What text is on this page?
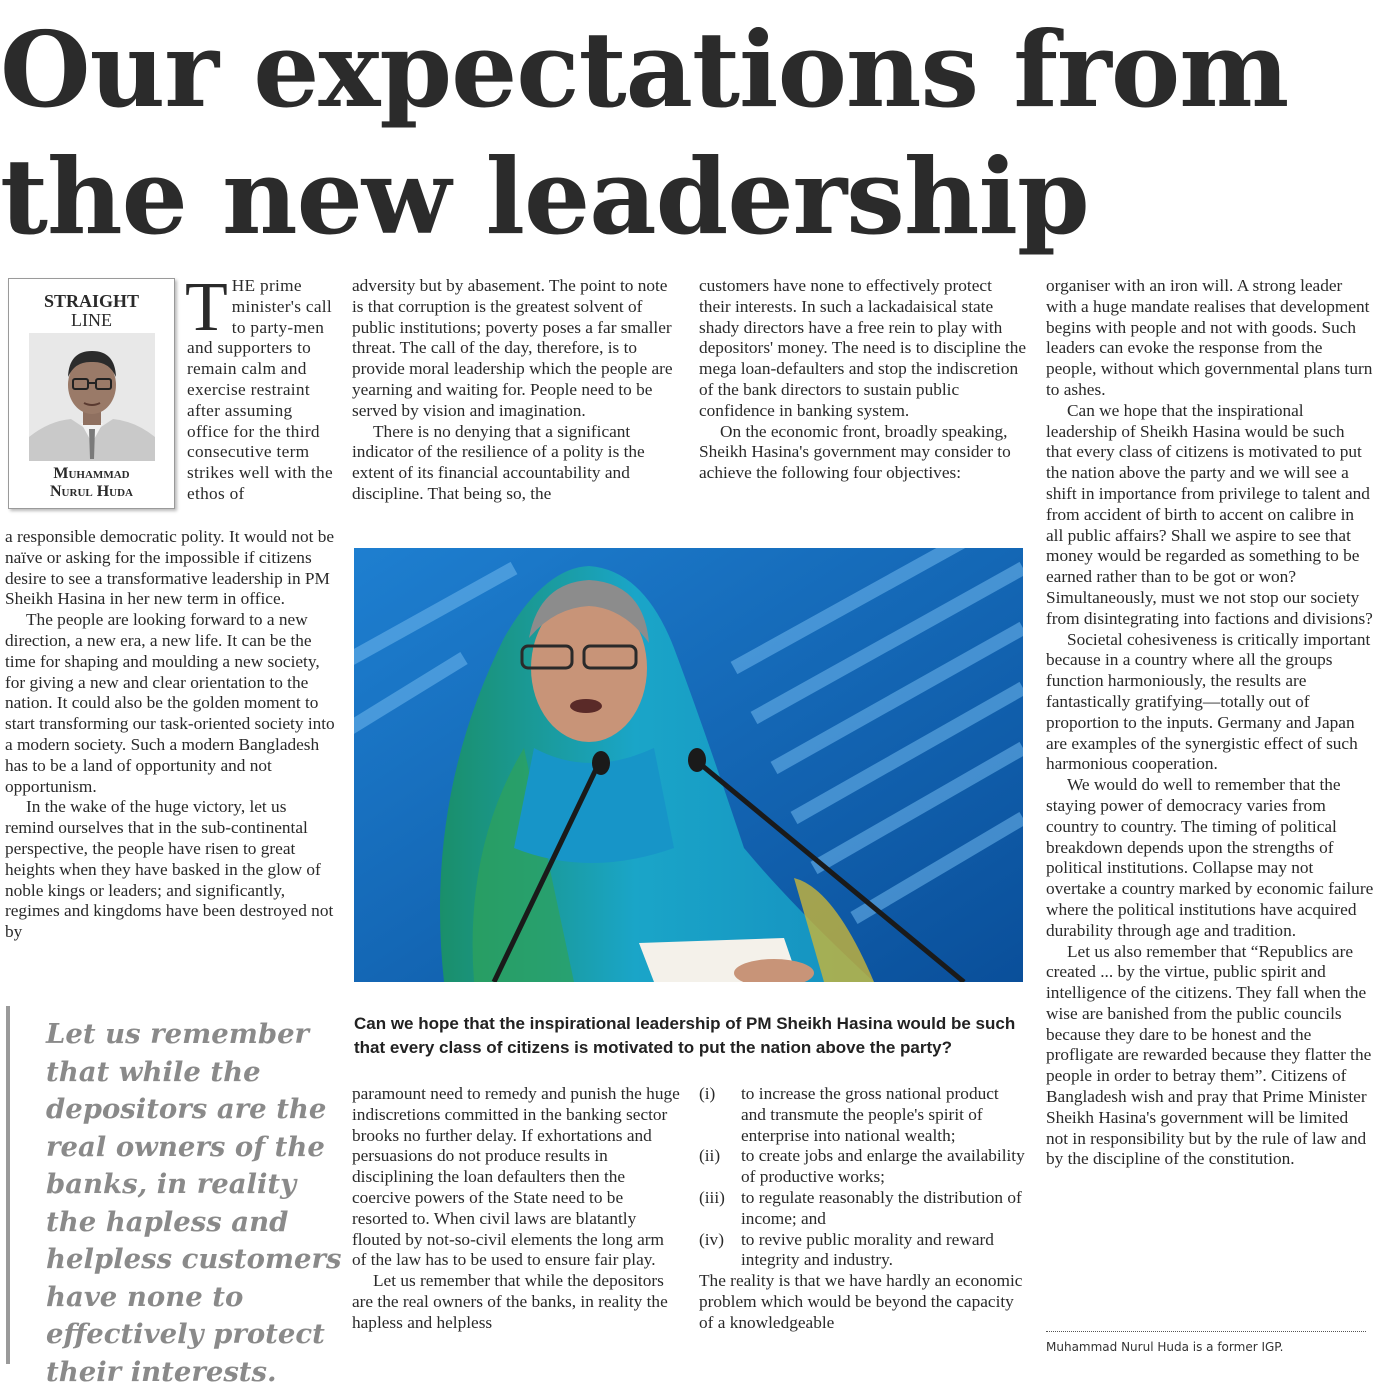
Our expectations from
the new leadership
STRAIGHT
LINE
Muhammad
Nurul Huda
THE prime minister's call to party-men and supporters to remain calm and exercise restraint after assuming office for the third consecutive term strikes well with the ethos of

a responsible democratic polity. It would not be naïve or asking for the impossible if citizens desire to see a transformative leadership in PM Sheikh Hasina in her new term in office.

The people are looking forward to a new direction, a new era, a new life. It can be the time for shaping and moulding a new society, for giving a new and clear orientation to the nation. It could also be the golden moment to start transforming our task-oriented society into a modern society. Such a modern Bangladesh has to be a land of opportunity and not opportunism.

In the wake of the huge victory, let us remind ourselves that in the sub-continental perspective, the people have risen to great heights when they have basked in the glow of noble kings or leaders; and significantly, regimes and kingdoms have been destroyed not by

adversity but by abasement. The point to note is that corruption is the greatest solvent of public institutions; poverty poses a far smaller threat. The call of the day, therefore, is to provide moral leadership which the people are yearning and waiting for. People need to be served by vision and imagination.

There is no denying that a significant indicator of the resilience of a polity is the extent of its financial accountability and discipline. That being so, the

customers have none to effectively protect their interests. In such a lackadaisical state shady directors have a free rein to play with depositors' money. The need is to discipline the mega loan-defaulters and stop the indiscretion of the bank directors to sustain public confidence in banking system.

On the economic front, broadly speaking, Sheikh Hasina's government may consider to achieve the following four objectives:

organiser with an iron will. A strong leader with a huge mandate realises that development begins with people and not with goods. Such leaders can evoke the response from the people, without which governmental plans turn to ashes.

Can we hope that the inspirational leadership of Sheikh Hasina would be such that every class of citizens is motivated to put the nation above the party and we will see a shift in importance from privilege to talent and from accident of birth to accent on calibre in all public affairs? Shall we aspire to see that money would be regarded as something to be earned rather than to be got or won? Simultaneously, must we not stop our society from disintegrating into factions and divisions?

Societal cohesiveness is critically important because in a country where all the groups function harmoniously, the results are fantastically gratifying—totally out of proportion to the inputs. Germany and Japan are examples of the synergistic effect of such harmonious cooperation.

We would do well to remember that the staying power of democracy varies from country to country. The timing of political breakdown depends upon the strengths of political institutions. Collapse may not overtake a country marked by economic failure where the political institutions have acquired durability through age and tradition.

Let us also remember that “Republics are created ... by the virtue, public spirit and intelligence of the citizens. They fall when the wise are banished from the public councils because they dare to be honest and the profligate are rewarded because they flatter the people in order to betray them”. Citizens of Bangladesh wish and pray that Prime Minister Sheikh Hasina's government will be limited not in responsibility but by the rule of law and by the discipline of the constitution.

Can we hope that the inspirational leadership of PM Sheikh Hasina would be such that every class of citizens is motivated to put the nation above the party?
Let us remember that while the depositors are the real owners of the banks, in reality the hapless and helpless customers have none to effectively protect their interests.

paramount need to remedy and punish the huge indiscretions committed in the banking sector brooks no further delay. If exhortations and persuasions do not produce results in disciplining the loan defaulters then the coercive powers of the State need to be resorted to. When civil laws are blatantly flouted by not-so-civil elements the long arm of the law has to be used to ensure fair play.

Let us remember that while the depositors are the real owners of the banks, in reality the hapless and helpless

(i)	to increase the gross national product and transmute the people's spirit of enterprise into national wealth;
(ii)	to create jobs and enlarge the availability of productive works;
(iii) to regulate reasonably the distribution of income; and
(iv) to revive public morality and reward integrity and industry.

The reality is that we have hardly an economic problem which would be beyond the capacity of a knowledgeable

Muhammad Nurul Huda is a former IGP.
